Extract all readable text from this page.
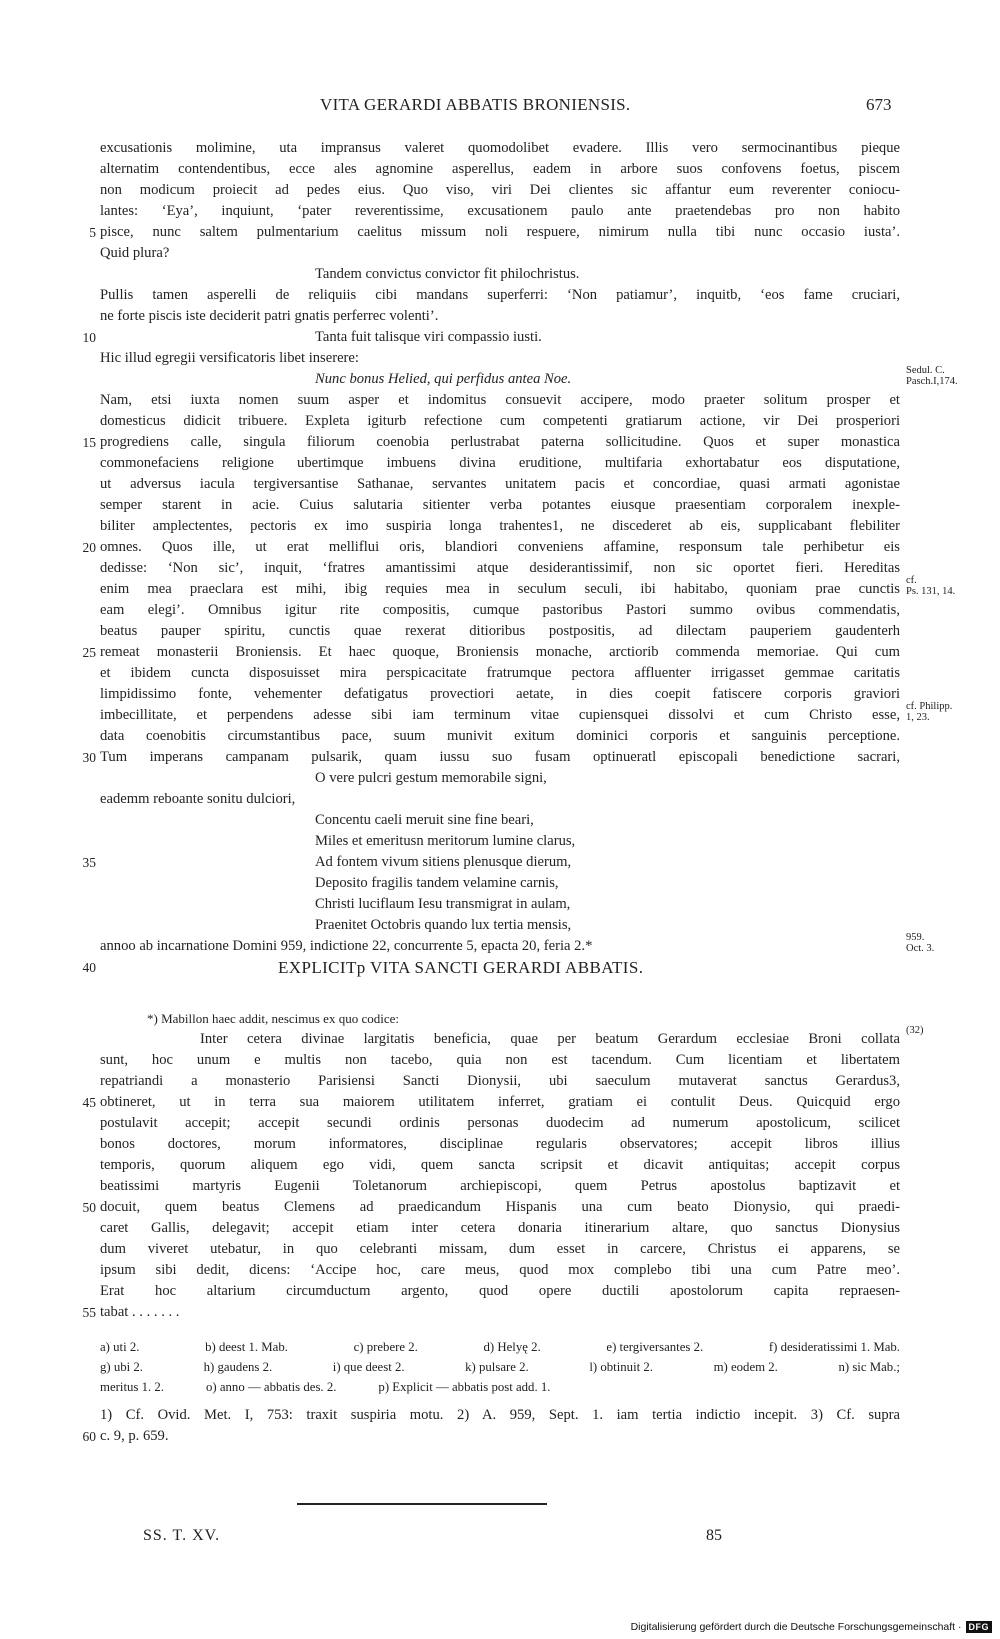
VITA GERARDI ABBATIS BRONIENSIS.	673
excusationis molimine, uta impransus valeret quomodolibet evadere. Illis vero sermocinantibus pieque
alternatim contendentibus, ecce ales agnomine asperellus, eadem in arbore suos confovens foetus, piscem
non modicum proiecit ad pedes eius. Quo viso, viri Dei clientes sic affantur eum reverenter coniocu-
lantes: ‘Eya’, inquiunt, ‘pater reverentissime, excusationem paulo ante praetendebas pro non habito
5 pisce, nunc saltem pulmentarium caelitus missum noli respuere, nimirum nulla tibi nunc occasio iusta’.
Quid plura?
Tandem convictus convictor fit philochristus.
Pullis tamen asperelli de reliquiis cibi mandans superferri: ‘Non patiamur’, inquitb, ‘eos fame cruciari,
ne forte piscis iste deciderit patri gnatis perferrec volenti’.
10	Tanta fuit talisque viri compassio iusti.
Hic illud egregii versificatoris libet inserere:
Nunc bonus Helied, qui perfidus antea Noe.
Sedul. C.
Pasch.I,174.
Nam, etsi iuxta nomen suum asper et indomitus consuevit accipere, modo praeter solitum prosper et
domesticus didicit tribuere. Expleta igiturb refectione cum competenti gratiarum actione, vir Dei prosperiori
15 progrediens calle, singula filiorum coenobia perlustrabat paterna sollicitudine. Quos et super monastica
commonefaciens religione ubertimque imbuens divina eruditione, multifaria exhortabatur eos disputatione,
ut adversus iacula tergiversantise Sathanae, servantes unitatem pacis et concordiae, quasi armati agonistae
semper starent in acie. Cuius salutaria sitienter verba potantes eiusque praesentiam corporalem inexple-
biliter amplectentes, pectoris ex imo suspiria longa trahentes1, ne discederet ab eis, supplicabant flebiliter
20 omnes. Quos ille, ut erat melliflui oris, blandiori conveniens affamine, responsum tale perhibetur eis
dedisse: ‘Non sic’, inquit, ‘fratres amantissimi atque desiderantissimif, non sic oportet fieri. Hereditas
enim mea praeclara est mihi, ibig requies mea in seculum seculi, ibi habitabo, quoniam prae cunctis
cf.
Ps. 131, 14.
eam elegi’. Omnibus igitur rite compositis, cumque pastoribus Pastori summo ovibus commendatis,
beatus pauper spiritu, cunctis quae rexerat ditioribus postpositis, ad dilectam pauperiem gaudenterh
25 remeat monasterii Broniensis. Et haec quoque, Broniensis monache, arctiorib commenda memoriae. Qui cum
et ibidem cuncta disposuisset mira perspicacitate fratrumque pectora affluenter irrigasset gemmae caritatis
limpidissimo fonte, vehementer defatigatus provectiori aetate, in dies coepit fatiscere corporis graviori
imbecillitate, et perpendens adesse sibi iam terminum vitae cupiensquei dissolvi et cum Christo esse,
cf. Philipp.
1, 23.
data coenobitis circumstantibus pace, suum munivit exitum dominici corporis et sanguinis perceptione.
30 Tum imperans campanam pulsarik, quam iussu suo fusam optinueratl episcopali benedictione sacrari,
O vere pulcri gestum memorabile signi,
eademm reboante sonitu dulciori,
Concentu caeli meruit sine fine beari,
Miles et emeritusn meritorum lumine clarus,
35	Ad fontem vivum sitiens plenusque dierum,
Deposito fragilis tandem velamine carnis,
Christi luciflaum Iesu transmigrat in aulam,
Praenitet Octobris quando lux tertia mensis,
annoo ab incarnatione Domini 959, indictione 22, concurrente 5, epacta 20, feria 2.*
959.
Oct. 3.
40	EXPLICITp VITA SANCTI GERARDI ABBATIS.
*) Mabillon haec addit, nescimus ex quo codice:
Inter cetera divinae largitatis beneficia, quae per beatum Gerardum ecclesiae Broni collata
(32)
sunt, hoc unum e multis non tacebo, quia non est tacendum. Cum licentiam et libertatem
repatriandi a monasterio Parisiensi Sancti Dionysii, ubi saeculum mutaverat sanctus Gerardus3,
45 obtineret, ut in terra sua maiorem utilitatem inferret, gratiam ei contulit Deus. Quicquid ergo
postulavit accepit; accepit secundi ordinis personas duodecim ad numerum apostolicum, scilicet
bonos doctores, morum informatores, disciplinae regularis observatores; accepit libros illius
temporis, quorum aliquem ego vidi, quem sancta scripsit et dicavit antiquitas; accepit corpus
beatissimi martyris Eugenii Toletanorum archiepiscopi, quem Petrus apostolus baptizavit et
50 docuit, quem beatus Clemens ad praedicandum Hispanis una cum beato Dionysio, qui praedi-
caret Gallis, delegavit; accepit etiam inter cetera donaria itinerarium altare, quo sanctus Dionysius
dum viveret utebatur, in quo celebranti missam, dum esset in carcere, Christus ei apparens, se
ipsum sibi dedit, dicens: ‘Accipe hoc, care meus, quod mox complebo tibi una cum Patre meo’.
Erat hoc altarium circumductum argento, quod opere ductili apostolorum capita repraesen-
55 tabat . . . . . . .
a) uti 2.	b) deest 1. Mab.	c) prebere 2.	d) Helyę 2.	e) tergiversantes 2.	f) desideratissimi 1. Mab.
g) ubi 2.	h) gaudens 2.	i) que deest 2.	k) pulsare 2.	l) obtinuit 2.	m) eodem 2.	n) sic Mab.;
meritus 1. 2.	o) anno — abbatis des. 2.	p) Explicit — abbatis post add. 1.
1) Cf. Ovid. Met. I, 753: traxit suspiria motu. 2) A. 959, Sept. 1. iam tertia indictio incepit. 3) Cf. supra
60 c. 9, p. 659.
SS. T. XV.	85
Digitalisierung gefördert durch die Deutsche Forschungsgemeinschaft · DFG
